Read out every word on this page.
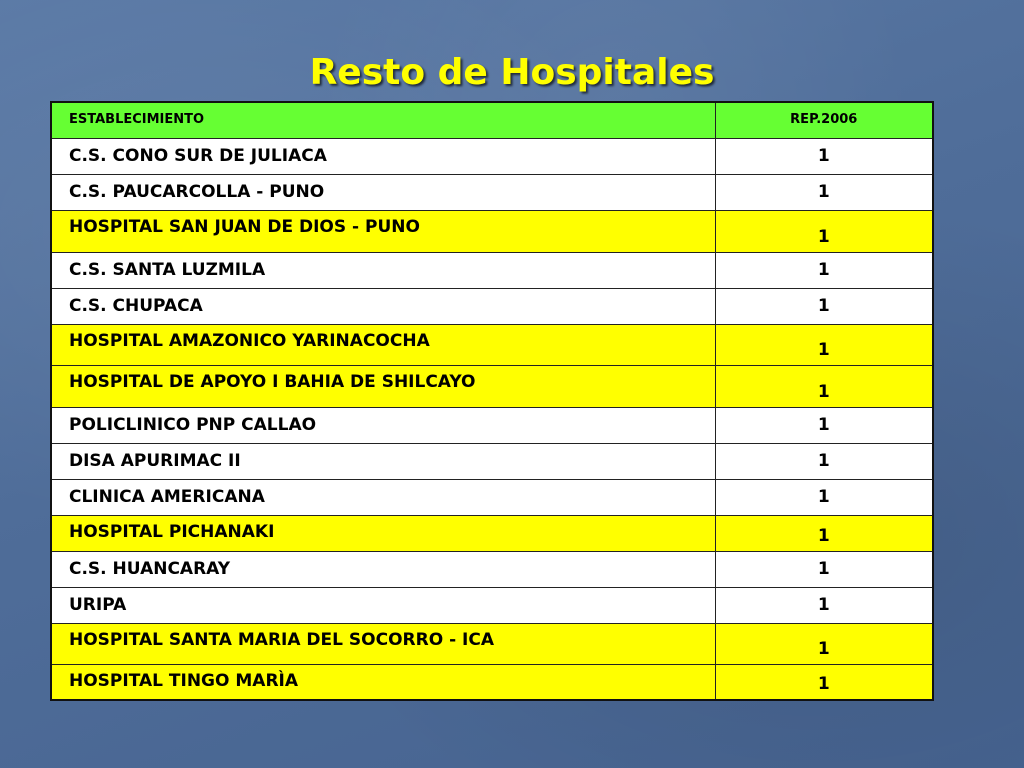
Resto de Hospitales
ESTABLECIMIENTO	REP.2006
C.S. CONO SUR DE JULIACA	1
C.S. PAUCARCOLLA - PUNO	1
HOSPITAL SAN JUAN DE DIOS - PUNO	1
C.S. SANTA LUZMILA	1
C.S. CHUPACA	1
HOSPITAL AMAZONICO YARINACOCHA	1
HOSPITAL DE APOYO I BAHIA DE SHILCAYO	1
POLICLINICO PNP CALLAO	1
DISA APURIMAC II	1
CLINICA AMERICANA	1
HOSPITAL PICHANAKI	1
C.S. HUANCARAY	1
URIPA	1
HOSPITAL SANTA MARIA DEL SOCORRO - ICA	1
HOSPITAL TINGO MARÌA	1
